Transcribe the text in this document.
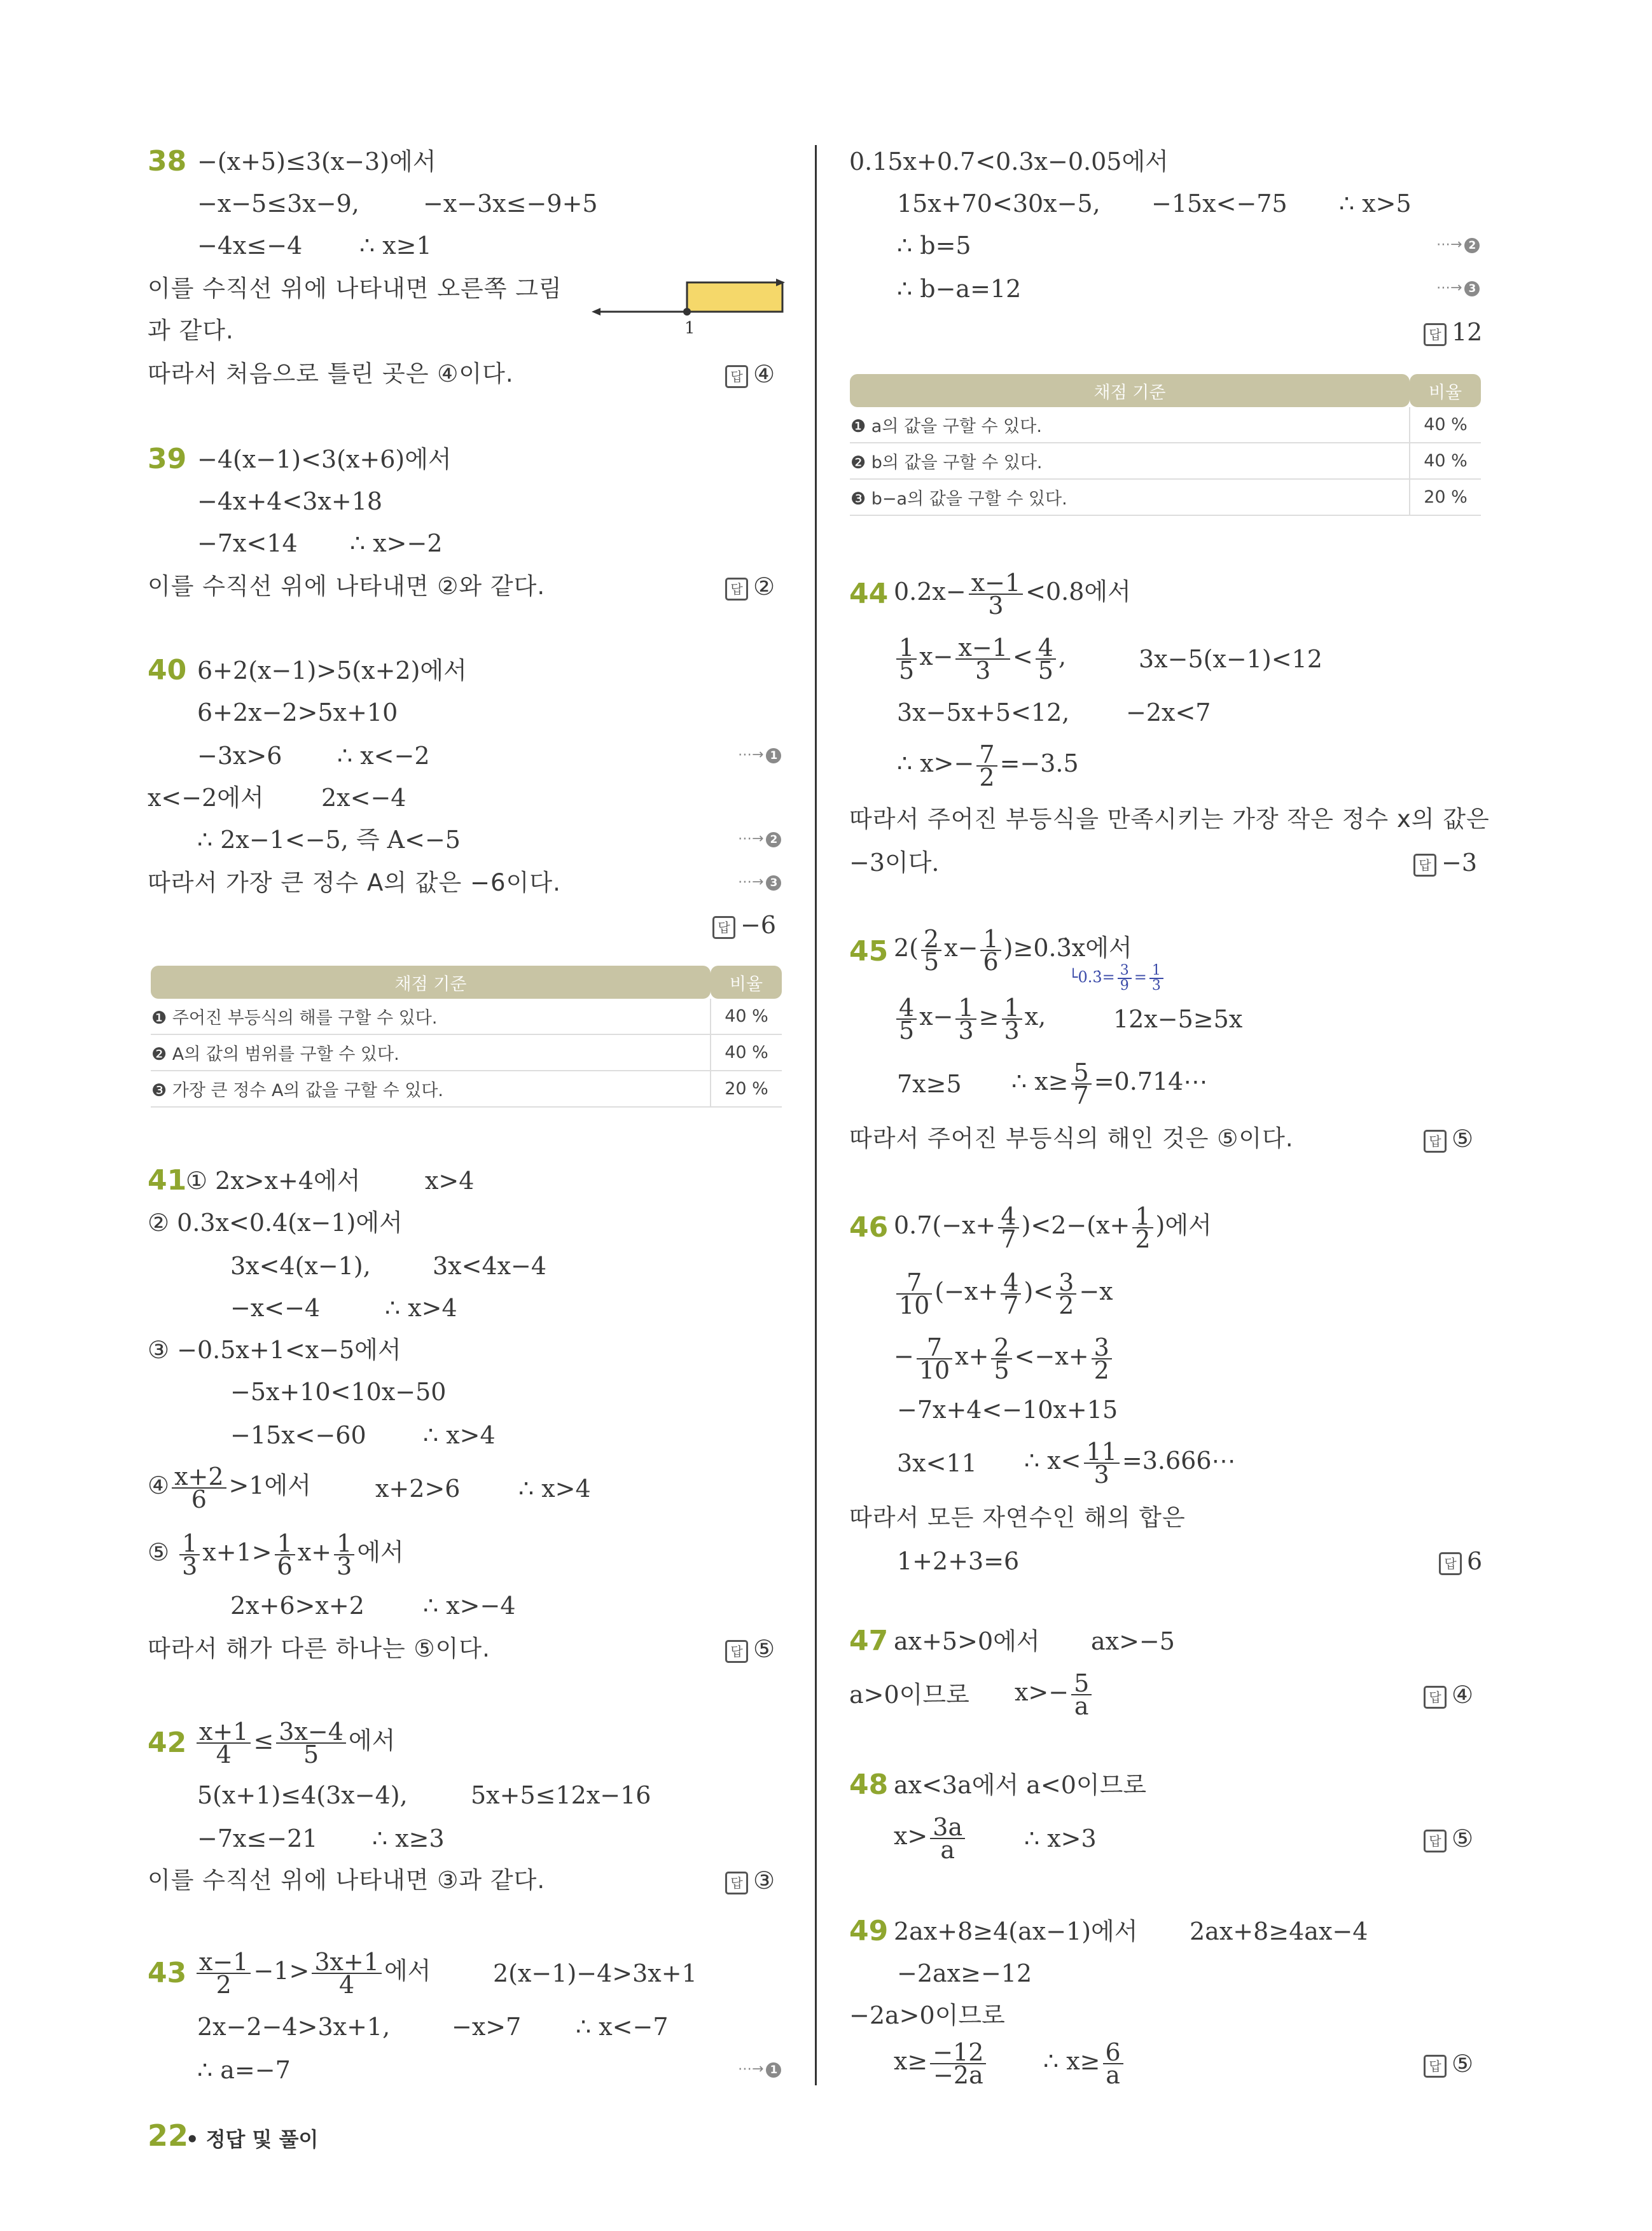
38 −(x+5)≤3(x−3)에서
−x−5≤3x−9,	−x−3x≤−9+5
−4x≤−4 ∴ x≥1
이를 수직선 위에 나타내면 오른쪽 그림
과 같다.
따라서 처음으로 틀린 곳은 ④이다.	답 ④
1
39 −4(x−1)<3(x+6)에서
−4x+4<3x+18
−7x<14 ∴ x>−2
이를 수직선 위에 나타내면 ②와 같다.	답 ②
40 6+2(x−1)>5(x+2)에서
6+2x−2>5x+10
−3x>6 ∴ x<−2	⋯→ 1
x<−2에서 2x<−4
∴ 2x−1<−5, 즉 A<−5	⋯→ 2
따라서 가장 큰 정수 A의 값은 −6이다.	⋯→ 3
답 −6
채점 기준	비율
❶ 주어진 부등식의 해를 구할 수 있다.	40 %
❷ A의 값의 범위를 구할 수 있다.	40 %
❸ 가장 큰 정수 A의 값을 구할 수 있다.	20 %
41
① 2x>x+4에서	x>4
② 0.3x<0.4(x−1)에서
3x<4(x−1),	3x<4x−4
−x<−4	∴ x>4
③ −0.5x+1<x−5에서
−5x+10<10x−50
−15x<−60 ∴ x>4
④ $\frac{x+2}{6} >1$에서	x+2>6 ∴ x>4
⑤ $\frac{1}{3} x+1> \frac{1}{6} x+ \frac{1}{3}$ 에서
2x+6>x+2 ∴ x>−4
따라서 해가 다른 하나는 ⑤이다.	답 ⑤
$42 \frac{x+1}{4} \le \frac{3x-4}{5}$ 에서
5(x+1)≤4(3x−4),	5x+5≤12x−16
−7x≤−21 ∴ x≥3
이를 수직선 위에 나타내면 ③과 같다.	답 ③
$43 \frac{x-1}{2} -1> \frac{3x+1}{4}$ 에서	2(x−1)−4>3x+1
2x−2−4>3x+1,	−x>7 ∴ x<−7
∴ a=−7	⋯→ 1
0.15x+0.7<0.3x−0.05에서
15x+70<30x−5, −15x<−75 ∴ x>5
∴ b=5	⋯→ 2
∴ b−a=12	⋯→ 3
답 12
채점 기준	비율
❶ a의 값을 구할 수 있다.	40 %
❷ b의 값을 구할 수 있다.	40 %
❸ b−a의 값을 구할 수 있다.	20 %
44 $0.2x- \frac{x-1}{3} <0.8$에서
$\frac{1}{5} x- \frac{x-1}{3} < \frac{4}{5}$ ,	3x−5(x−1)<12
3x−5x+5<12, −2x<7
∴ $x>- \frac{7}{2} =-3.5$
따라서 주어진 부등식을 만족시키는 가장 작은 정수 x의 값은
−3이다.	답 −3
45 $2( \frac{2}{5} x- \frac{1}{6}$ )≥0.3̇x에서
└0.3̇= $\frac{3}{9} = \frac{1}{3}$
$\frac{4}{5} x- \frac{1}{3} \ge \frac{1}{3} x$,	12x−5≥5x
7x≥5 ∴ $x\ge \frac{5}{7}$ =0.714⋯
따라서 주어진 부등식의 해인 것은 ⑤이다.	답 ⑤
46 $0.7(-x+ \frac{4}{7} )<2-(x+ \frac{1}{2}$ )에서
$\frac{7}{10} (-x+ \frac{4}{7}$ )< $\frac{3}{2} -x$
− $\frac{7}{10} x+ \frac{2}{5} <-x+ \frac{3}{2}$
−7x+4<−10x+15
3x<11 ∴ $x< \frac{11}{3}$ =3.666⋯
따라서 모든 자연수인 해의 합은
1+2+3=6	답 6
47 ax+5>0에서 ax>−5
a>0이므로 $x>- \frac{5}{a}$	답 ④
48 ax<3a에서 a<0이므로
$x> \frac{3a}{a}$ ∴ x>3	답 ⑤
49 2ax+8≥4(ax−1)에서 2ax+8≥4ax−4
−2ax≥−12
−2a>0이므로
$x\ge \frac{-12}{-2a}$ ∴ $x\ge \frac{6}{a}$	답 ⑤
22
• 정답 및 풀이
